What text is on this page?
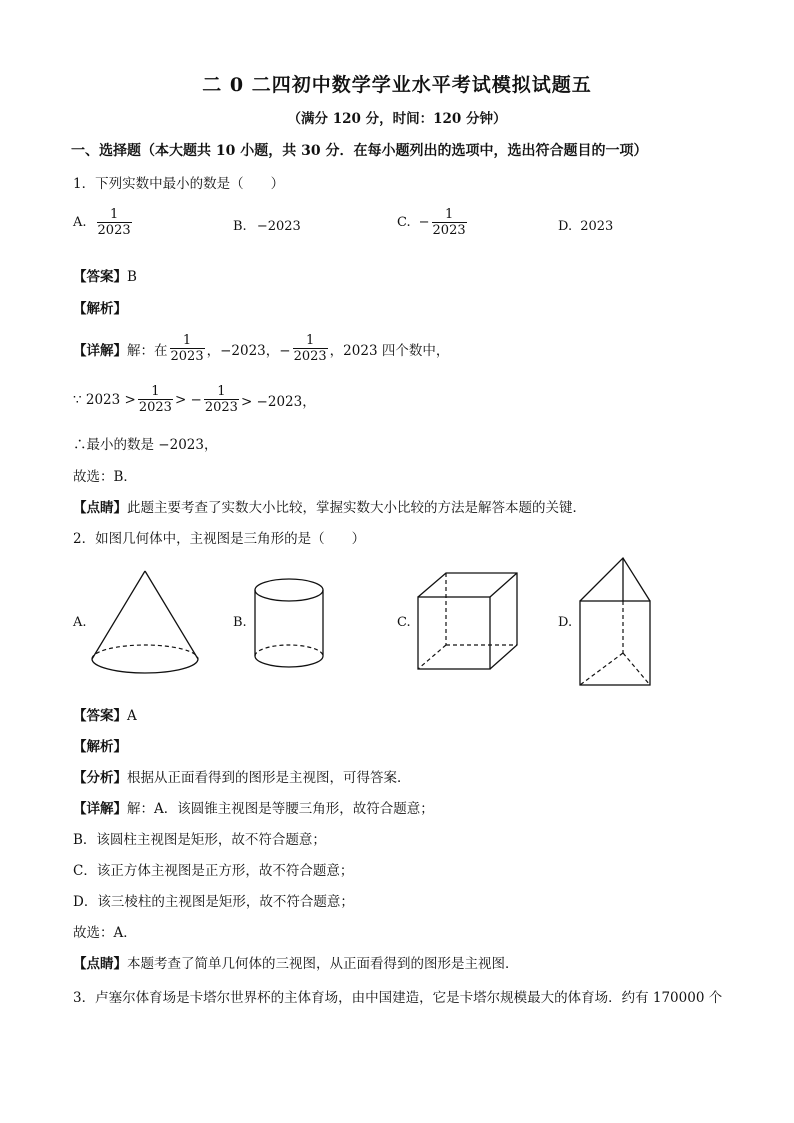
二 0 二四初中数学学业水平考试模拟试题五
（满分 120 分，时间：120 分钟）
一、选择题（本大题共 10 小题，共 30 分．在每小题列出的选项中，选出符合题目的一项）
1．下列实数中最小的数是（　　）
A. $\frac{1}{2023}$	B. −2023	C. − $\frac{1}{2023}$	D. 2023
【答案】B
【解析】
【详解】 解：在 $\frac{1}{2023}$ ，−2023，− $\frac{1}{2023}$ ，2023 四个数中，
∵ $2023 > \frac{1}{2023}$ > − $\frac{1}{2023} > -2023$，
∴最小的数是 −2023，
故选：B．
【点睛】此题主要考查了实数大小比较，掌握实数大小比较的方法是解答本题的关键．
2．如图几何体中，主视图是三角形的是（　　）
A.	B.	C.	D.
【答案】A
【解析】
【分析】根据从正面看得到的图形是主视图，可得答案．
【详解】解：A．该圆锥主视图是等腰三角形，故符合题意；
B．该圆柱主视图是矩形，故不符合题意；
C．该正方体主视图是正方形，故不符合题意；
D．该三棱柱的主视图是矩形，故不符合题意；
故选：A．
【点睛】本题考查了简单几何体的三视图，从正面看得到的图形是主视图．
3．卢塞尔体育场是卡塔尔世界杯的主体育场，由中国建造，它是卡塔尔规模最大的体育场．约有 170000 个
